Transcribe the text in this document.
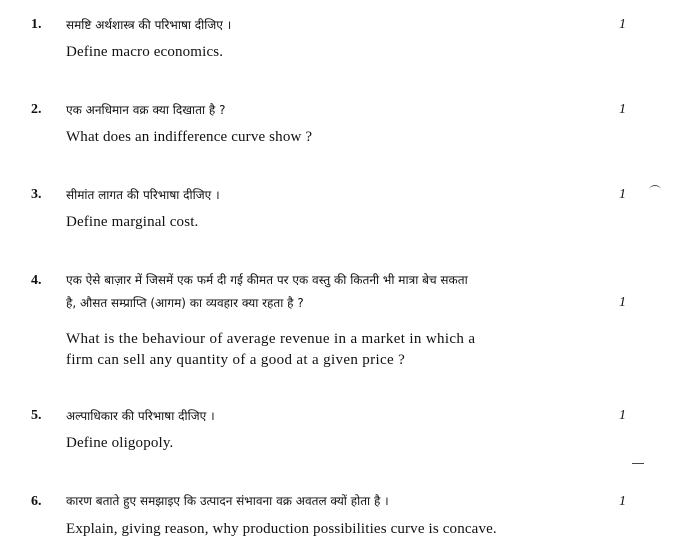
1. समष्टि अर्थशास्त्र की परिभाषा दीजिए ।
Define macro economics.
1
2. एक अनधिमान वक्र क्या दिखाता है ?
What does an indifference curve show ?
1
3. सीमांत लागत की परिभाषा दीजिए ।
Define marginal cost.
1
4. एक ऐसे बाज़ार में जिसमें एक फर्म दी गई कीमत पर एक वस्तु की कितनी भी मात्रा बेच सकता
है, औसत सम्प्राप्ति (आगम) का व्यवहार क्या रहता है ?
What is the behaviour of average revenue in a market in which a
firm can sell any quantity of a good at a given price ?
1
5. अल्पाधिकार की परिभाषा दीजिए ।
Define oligopoly.
1
6. कारण बताते हुए समझाइए कि उत्पादन संभावना वक्र अवतल क्यों होता है ।
Explain, giving reason, why production possibilities curve is concave.
1
